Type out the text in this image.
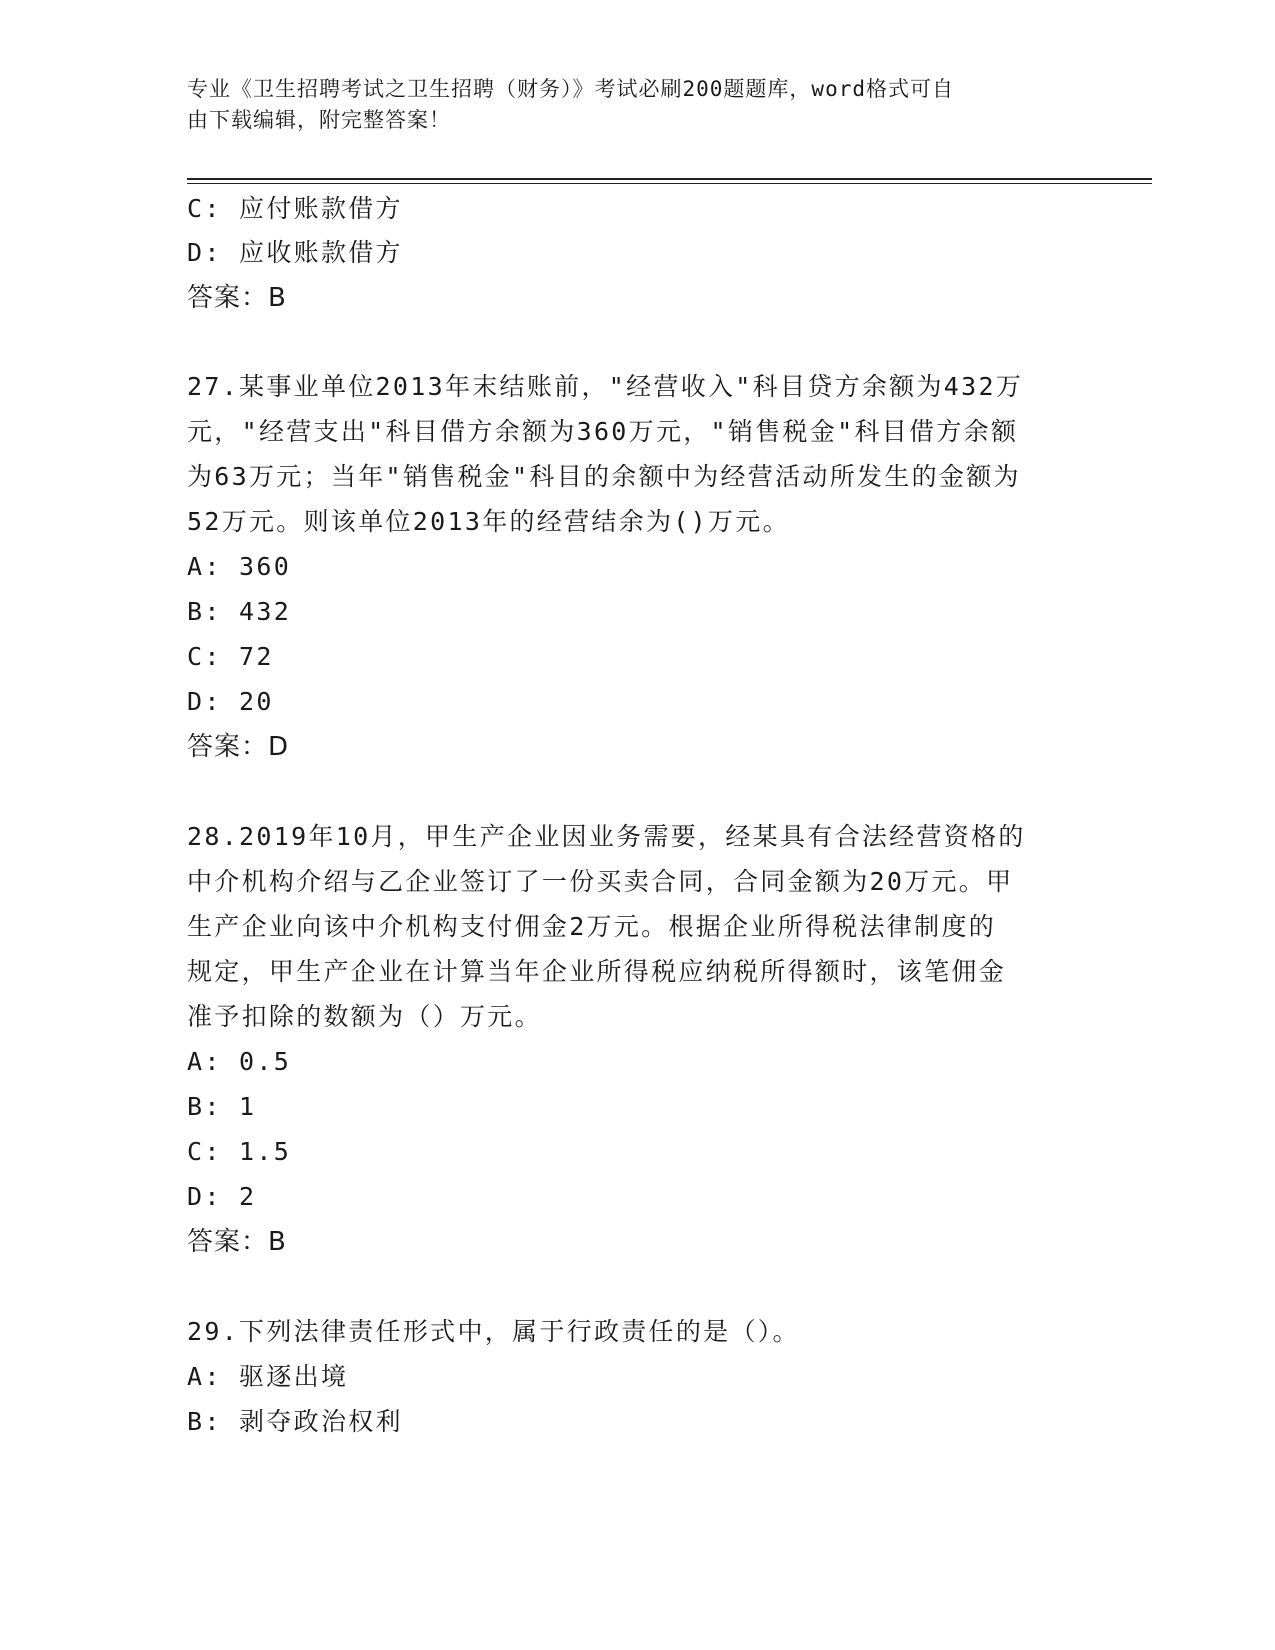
专业《卫生招聘考试之卫生招聘（财务）》考试必刷200题题库，word格式可自
由下载编辑，附完整答案！
C: 应付账款借方
D: 应收账款借方
答案：B
27.某事业单位2013年末结账前，"经营收入"科目贷方余额为432万
元，"经营支出"科目借方余额为360万元，"销售税金"科目借方余额
为63万元；当年"销售税金"科目的余额中为经营活动所发生的金额为
52万元。则该单位2013年的经营结余为()万元。
A: 360
B: 432
C: 72
D: 20
答案：D
28.2019年10月，甲生产企业因业务需要，经某具有合法经营资格的
中介机构介绍与乙企业签订了一份买卖合同，合同金额为20万元。甲
生产企业向该中介机构支付佣金2万元。根据企业所得税法律制度的
规定，甲生产企业在计算当年企业所得税应纳税所得额时，该笔佣金
准予扣除的数额为（）万元。
A: 0.5
B: 1
C: 1.5
D: 2
答案：B
29.下列法律责任形式中，属于行政责任的是（）。
A: 驱逐出境
B: 剥夺政治权利
